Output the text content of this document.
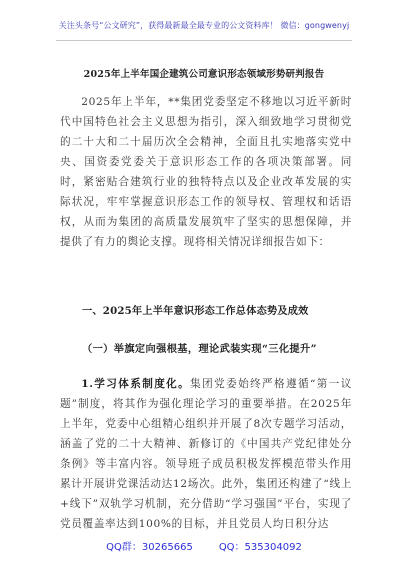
关注头条号“公文研究”，获得最新最全最专业的公文资料库！ 微信：gongwenyj
2025年上半年国企建筑公司意识形态领域形势研判报告
2025年上半年，**集团党委坚定不移地以习近平新时代中国特色社会主义思想为指引，深入细致地学习贯彻党的二十大和二十届历次全会精神，全面且扎实地落实党中央、国资委党委关于意识形态工作的各项决策部署。同时，紧密贴合建筑行业的独特特点以及企业改革发展的实际状况，牢牢掌握意识形态工作的领导权、管理权和话语权，从而为集团的高质量发展筑牢了坚实的思想保障，并提供了有力的舆论支撑。现将相关情况详细报告如下：
一、2025年上半年意识形态工作总体态势及成效
（一）举旗定向强根基，理论武装实现“三化提升”
1.学习体系制度化。集团党委始终严格遵循“第一议题”制度，将其作为强化理论学习的重要举措。在2025年上半年，党委中心组精心组织并开展了8次专题学习活动，涵盖了党的二十大精神、新修订的《中国共产党纪律处分条例》等丰富内容。领导班子成员积极发挥模范带头作用累计开展讲党课活动达12场次。此外，集团还构建了“线上+线下”双轨学习机制，充分借助“学习强国”平台，实现了党员覆盖率达到100%的目标，并且党员人均日积分达
QQ群：30265665	QQ：535304092
